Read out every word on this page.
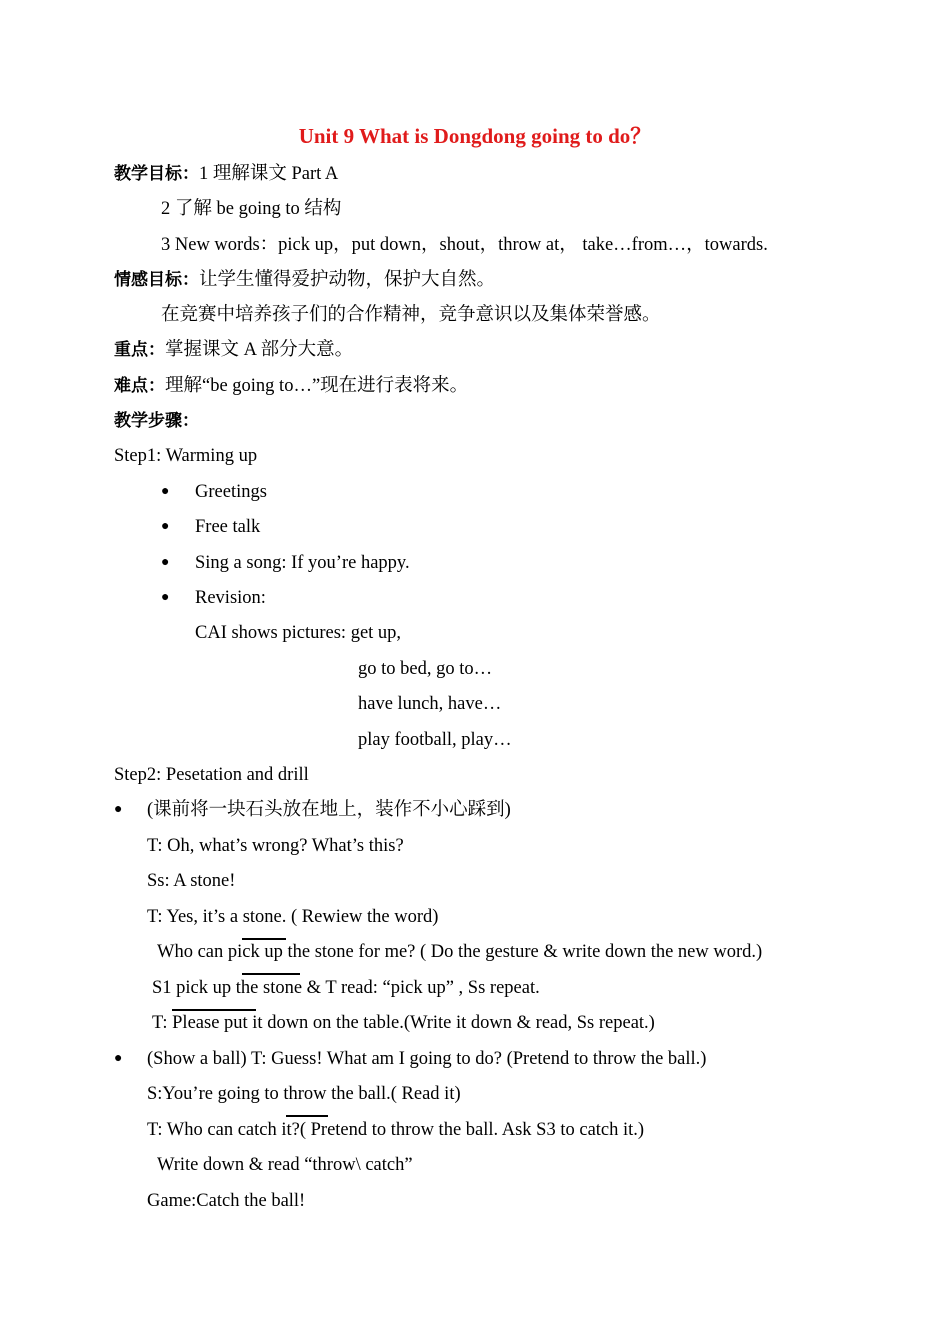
Unit 9 What is Dongdong going to do？
教学目标：1 理解课文 Part A
2 了解 be going to 结构
3 New words：pick up，put down，shout，throw at， take…from…，towards.
情感目标：让学生懂得爱护动物，保护大自然。
在竞赛中培养孩子们的合作精神，竞争意识以及集体荣誉感。
重点：掌握课文 A 部分大意。
难点：理解“be going to…”现在进行表将来。
教学步骤：
Step1: Warming up
● Greetings
● Free talk
● Sing a song: If you’re happy.
● Revision:
CAI shows pictures: get up,
go to bed, go to…
have lunch, have…
play football, play…
Step2: Pesetation and drill
● (课前将一块石头放在地上，装作不小心踩到)
T: Oh, what’s wrong? What’s this?
Ss: A stone!
T: Yes, it’s a stone. ( Rewiew the word)
Who can pick up the stone for me? ( Do the gesture & write down the new word.)
S1 pick up the stone & T read: “pick up” , Ss repeat.
T: Please put it down on the table.(Write it down & read, Ss repeat.)
● (Show a ball) T: Guess! What am I going to do? (Pretend to throw the ball.)
S:You’re going to throw the ball.( Read it)
T: Who can catch it?( Pretend to throw the ball. Ask S3 to catch it.)
Write down & read “throw\ catch”
Game:Catch the ball!
